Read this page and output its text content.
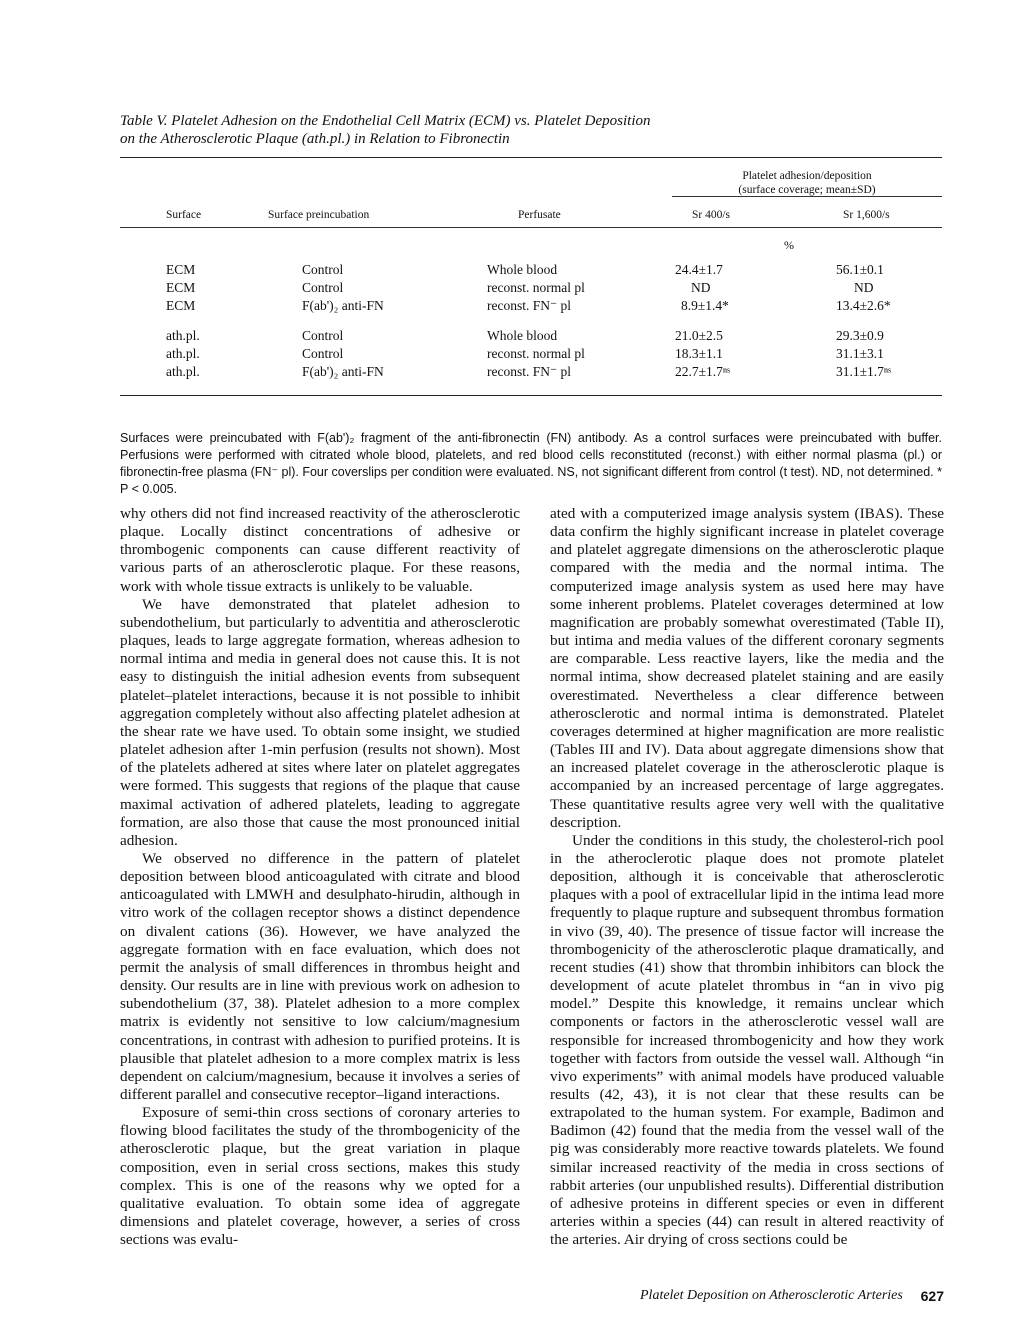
Table V. Platelet Adhesion on the Endothelial Cell Matrix (ECM) vs. Platelet Deposition
on the Atherosclerotic Plaque (ath.pl.) in Relation to Fibronectin
Platelet adhesion/deposition
(surface coverage; mean±SD)
Surface	Surface preincubation	Perfusate	Sr 400/s	Sr 1,600/s
%
ECM	Control	Whole blood	24.4±1.7	56.1±0.1
ECM	Control	reconst. normal pl	ND	ND
ECM	F(ab')₂ anti-FN	reconst. FN⁻ pl	8.9±1.4*	13.4±2.6*
ath.pl.	Control	Whole blood	21.0±2.5	29.3±0.9
ath.pl.	Control	reconst. normal pl	18.3±1.1	31.1±3.1
ath.pl.	F(ab')₂ anti-FN	reconst. FN⁻ pl	22.7±1.7ⁿˢ	31.1±1.7ⁿˢ
Surfaces were preincubated with F(ab')₂ fragment of the anti-fibronectin (FN) antibody. As a control surfaces were preincubated with buffer. Perfusions were performed with citrated whole blood, platelets, and red blood cells reconstituted (reconst.) with either normal plasma (pl.) or fibronectin-free plasma (FN⁻ pl). Four coverslips per condition were evaluated. NS, not significant different from control (t test). ND, not determined. * P < 0.005.

why others did not find increased reactivity of the atherosclerotic plaque. Locally distinct concentrations of adhesive or thrombogenic components can cause different reactivity of various parts of an atherosclerotic plaque. For these reasons, work with whole tissue extracts is unlikely to be valuable.

We have demonstrated that platelet adhesion to subendothelium, but particularly to adventitia and atherosclerotic plaques, leads to large aggregate formation, whereas adhesion to normal intima and media in general does not cause this. It is not easy to distinguish the initial adhesion events from subsequent platelet–platelet interactions, because it is not possible to inhibit aggregation completely without also affecting platelet adhesion at the shear rate we have used. To obtain some insight, we studied platelet adhesion after 1-min perfusion (results not shown). Most of the platelets adhered at sites where later on platelet aggregates were formed. This suggests that regions of the plaque that cause maximal activation of adhered platelets, leading to aggregate formation, are also those that cause the most pronounced initial adhesion.

We observed no difference in the pattern of platelet deposition between blood anticoagulated with citrate and blood anticoagulated with LMWH and desulphato-hirudin, although in vitro work of the collagen receptor shows a distinct dependence on divalent cations (36). However, we have analyzed the aggregate formation with en face evaluation, which does not permit the analysis of small differences in thrombus height and density. Our results are in line with previous work on adhesion to subendothelium (37, 38). Platelet adhesion to a more complex matrix is evidently not sensitive to low calcium/magnesium concentrations, in contrast with adhesion to purified proteins. It is plausible that platelet adhesion to a more complex matrix is less dependent on calcium/magnesium, because it involves a series of different parallel and consecutive receptor–ligand interactions.

Exposure of semi-thin cross sections of coronary arteries to flowing blood facilitates the study of the thrombogenicity of the atherosclerotic plaque, but the great variation in plaque composition, even in serial cross sections, makes this study complex. This is one of the reasons why we opted for a qualitative evaluation. To obtain some idea of aggregate dimensions and platelet coverage, however, a series of cross sections was evalu-

ated with a computerized image analysis system (IBAS). These data confirm the highly significant increase in platelet coverage and platelet aggregate dimensions on the atherosclerotic plaque compared with the media and the normal intima. The computerized image analysis system as used here may have some inherent problems. Platelet coverages determined at low magnification are probably somewhat overestimated (Table II), but intima and media values of the different coronary segments are comparable. Less reactive layers, like the media and the normal intima, show decreased platelet staining and are easily overestimated. Nevertheless a clear difference between atherosclerotic and normal intima is demonstrated. Platelet coverages determined at higher magnification are more realistic (Tables III and IV). Data about aggregate dimensions show that an increased platelet coverage in the atherosclerotic plaque is accompanied by an increased percentage of large aggregates. These quantitative results agree very well with the qualitative description.

Under the conditions in this study, the cholesterol-rich pool in the atheroclerotic plaque does not promote platelet deposition, although it is conceivable that atherosclerotic plaques with a pool of extracellular lipid in the intima lead more frequently to plaque rupture and subsequent thrombus formation in vivo (39, 40). The presence of tissue factor will increase the thrombogenicity of the atherosclerotic plaque dramatically, and recent studies (41) show that thrombin inhibitors can block the development of acute platelet thrombus in “an in vivo pig model.” Despite this knowledge, it remains unclear which components or factors in the atherosclerotic vessel wall are responsible for increased thrombogenicity and how they work together with factors from outside the vessel wall. Although “in vivo experiments” with animal models have produced valuable results (42, 43), it is not clear that these results can be extrapolated to the human system. For example, Badimon and Badimon (42) found that the media from the vessel wall of the pig was considerably more reactive towards platelets. We found similar increased reactivity of the media in cross sections of rabbit arteries (our unpublished results). Differential distribution of adhesive proteins in different species or even in different arteries within a species (44) can result in altered reactivity of the arteries. Air drying of cross sections could be

Platelet Deposition on Atherosclerotic Arteries 627
